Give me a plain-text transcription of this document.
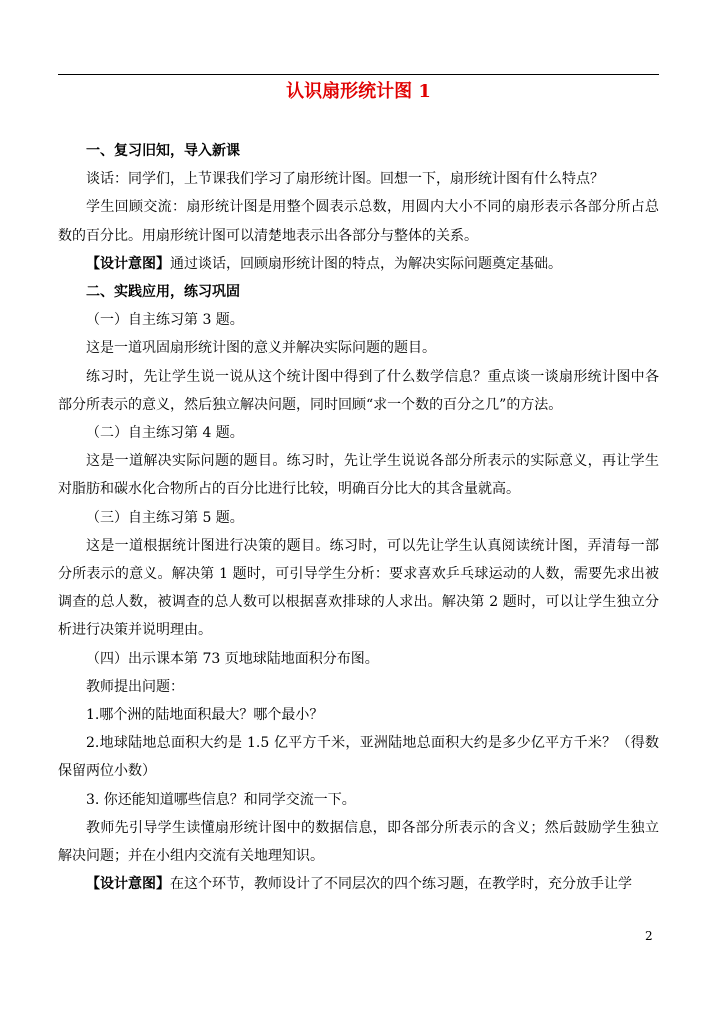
认识扇形统计图 1

一、复习旧知，导入新课

谈话：同学们，上节课我们学习了扇形统计图。回想一下，扇形统计图有什么特点？

学生回顾交流：扇形统计图是用整个圆表示总数，用圆内大小不同的扇形表示各部分所占总数的百分比。用扇形统计图可以清楚地表示出各部分与整体的关系。

【设计意图】通过谈话，回顾扇形统计图的特点，为解决实际问题奠定基础。

二、实践应用，练习巩固

（一）自主练习第 3 题。

这是一道巩固扇形统计图的意义并解决实际问题的题目。

练习时，先让学生说一说从这个统计图中得到了什么数学信息？重点谈一谈扇形统计图中各部分所表示的意义，然后独立解决问题，同时回顾“求一个数的百分之几”的方法。

（二）自主练习第 4 题。

这是一道解决实际问题的题目。练习时，先让学生说说各部分所表示的实际意义，再让学生对脂肪和碳水化合物所占的百分比进行比较，明确百分比大的其含量就高。

（三）自主练习第 5 题。

这是一道根据统计图进行决策的题目。练习时，可以先让学生认真阅读统计图，弄清每一部分所表示的意义。解决第 1 题时，可引导学生分析：要求喜欢乒乓球运动的人数，需要先求出被调查的总人数，被调查的总人数可以根据喜欢排球的人求出。解决第 2 题时，可以让学生独立分析进行决策并说明理由。

（四）出示课本第 73 页地球陆地面积分布图。

教师提出问题：

1.哪个洲的陆地面积最大？哪个最小？

2.地球陆地总面积大约是 1.5 亿平方千米，亚洲陆地总面积大约是多少亿平方千米？（得数保留两位小数）

3. 你还能知道哪些信息？和同学交流一下。

教师先引导学生读懂扇形统计图中的数据信息，即各部分所表示的含义；然后鼓励学生独立解决问题；并在小组内交流有关地理知识。

【设计意图】在这个环节，教师设计了不同层次的四个练习题，在教学时，充分放手让学

2
